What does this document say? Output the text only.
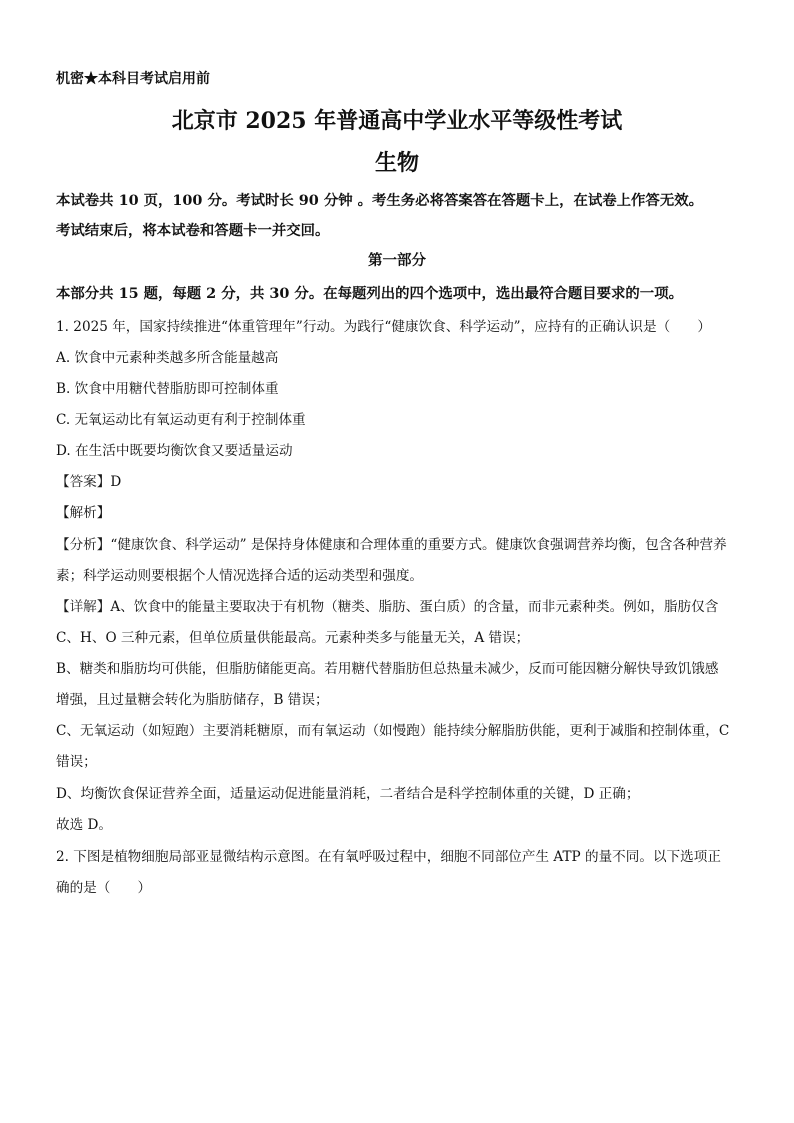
机密★本科目考试启用前
北京市 2025 年普通高中学业水平等级性考试
生物
本试卷共 10 页，100 分。考试时长 90 分钟 。考生务必将答案答在答题卡上，在试卷上作答无效。
考试结束后，将本试卷和答题卡一并交回。
第一部分
本部分共 15 题，每题 2 分，共 30 分。在每题列出的四个选项中，选出最符合题目要求的一项。
1. 2025 年，国家持续推进“体重管理年”行动。为践行“健康饮食、科学运动”，应持有的正确认识是（　　）
A. 饮食中元素种类越多所含能量越高
B. 饮食中用糖代替脂肪即可控制体重
C. 无氧运动比有氧运动更有利于控制体重
D. 在生活中既要均衡饮食又要适量运动
【答案】D
【解析】
【分析】“健康饮食、科学运动” 是保持身体健康和合理体重的重要方式。健康饮食强调营养均衡，包含各种营养
素；科学运动则要根据个人情况选择合适的运动类型和强度。
【详解】A、饮食中的能量主要取决于有机物（糖类、脂肪、蛋白质）的含量，而非元素种类。例如，脂肪仅含
C、H、O 三种元素，但单位质量供能最高。元素种类多与能量无关，A 错误；
B、糖类和脂肪均可供能，但脂肪储能更高。若用糖代替脂肪但总热量未减少，反而可能因糖分解快导致饥饿感
增强，且过量糖会转化为脂肪储存，B 错误；
C、无氧运动（如短跑）主要消耗糖原，而有氧运动（如慢跑）能持续分解脂肪供能，更利于减脂和控制体重，C
错误；
D、均衡饮食保证营养全面，适量运动促进能量消耗，二者结合是科学控制体重的关键，D 正确；
故选 D。
2. 下图是植物细胞局部亚显微结构示意图。在有氧呼吸过程中，细胞不同部位产生 ATP 的量不同。以下选项正
确的是（　　）
